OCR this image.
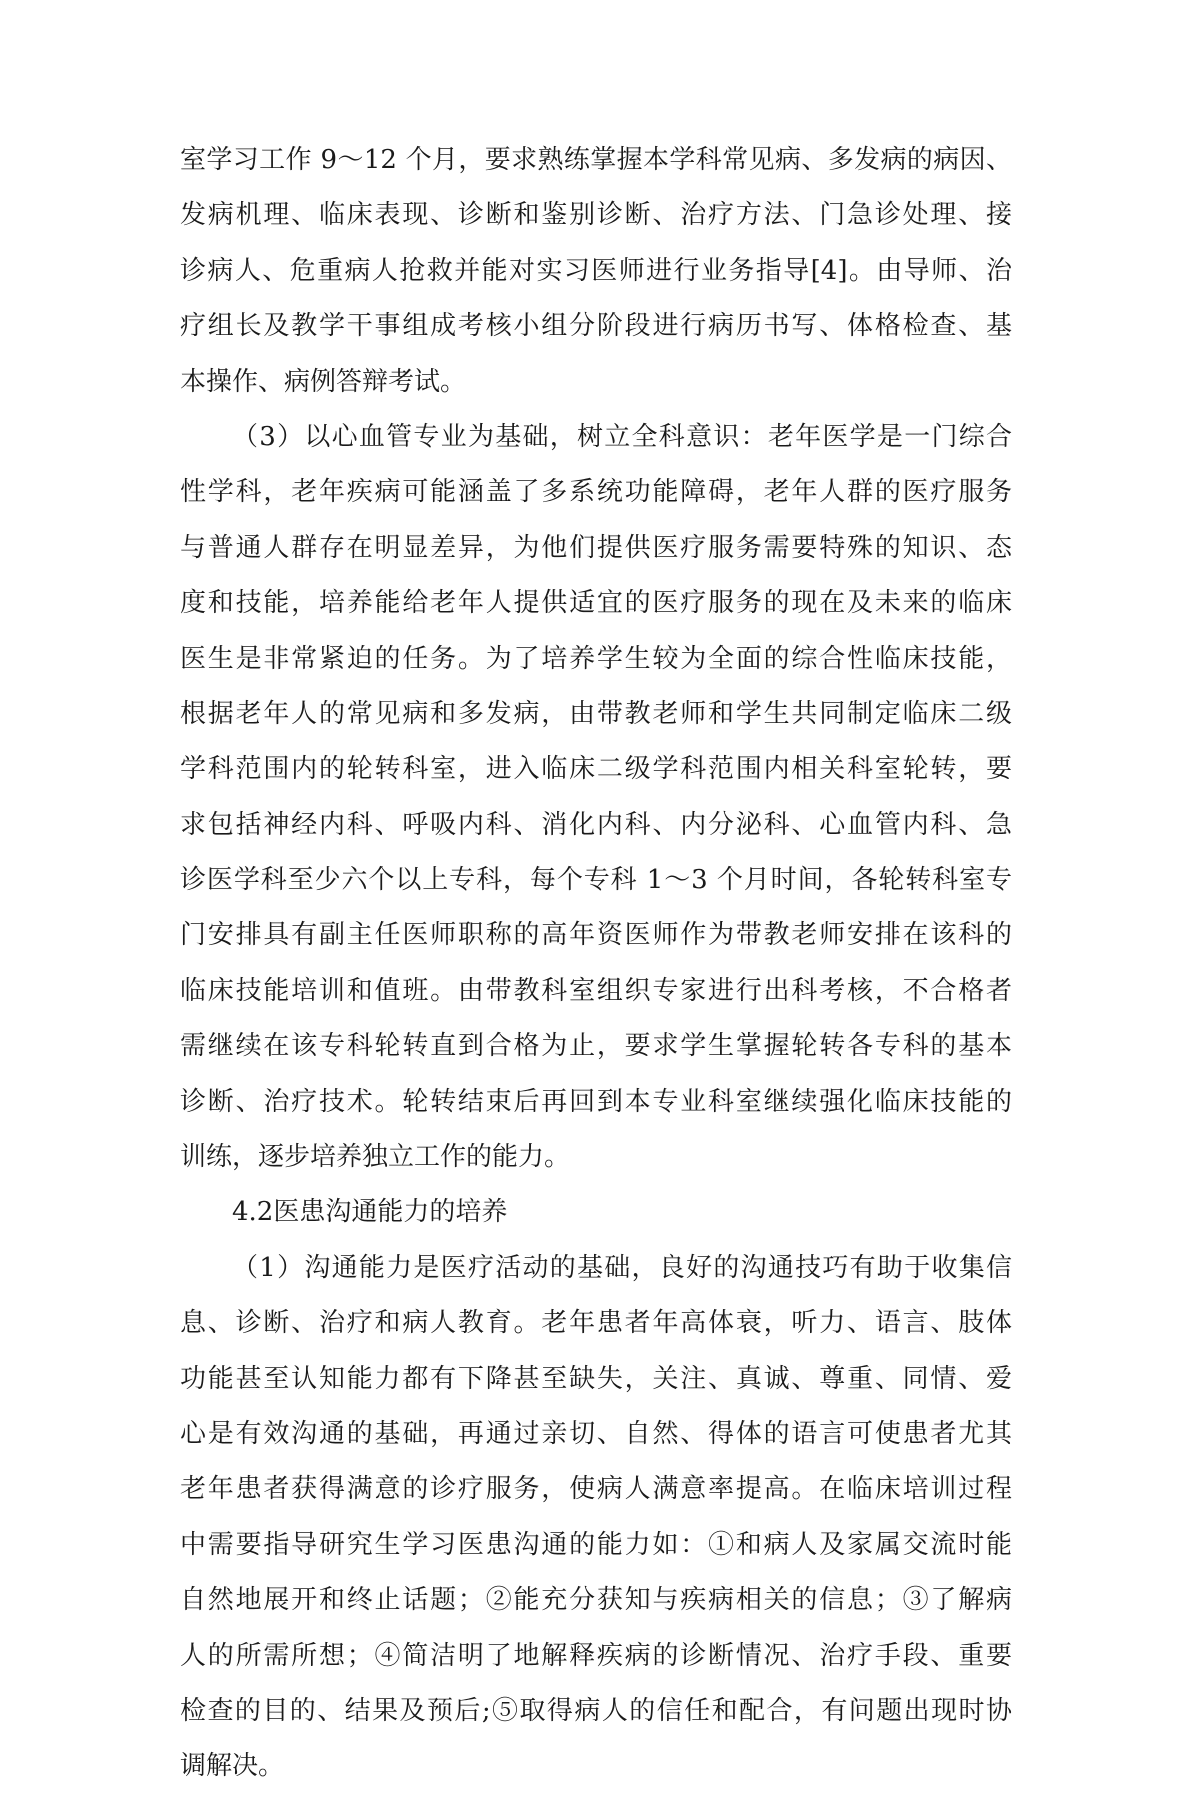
室学习工作 9～12 个月，要求熟练掌握本学科常见病、多发病的病因、
发病机理、临床表现、诊断和鉴别诊断、治疗方法、门急诊处理、接
诊病人、危重病人抢救并能对实习医师进行业务指导[4]。由导师、治
疗组长及教学干事组成考核小组分阶段进行病历书写、体格检查、基
本操作、病例答辩考试。
（3）以心血管专业为基础，树立全科意识：老年医学是一门综合
性学科，老年疾病可能涵盖了多系统功能障碍，老年人群的医疗服务
与普通人群存在明显差异，为他们提供医疗服务需要特殊的知识、态
度和技能，培养能给老年人提供适宜的医疗服务的现在及未来的临床
医生是非常紧迫的任务。为了培养学生较为全面的综合性临床技能，
根据老年人的常见病和多发病，由带教老师和学生共同制定临床二级
学科范围内的轮转科室，进入临床二级学科范围内相关科室轮转，要
求包括神经内科、呼吸内科、消化内科、内分泌科、心血管内科、急
诊医学科至少六个以上专科，每个专科 1～3 个月时间，各轮转科室专
门安排具有副主任医师职称的高年资医师作为带教老师安排在该科的
临床技能培训和值班。由带教科室组织专家进行出科考核，不合格者
需继续在该专科轮转直到合格为止，要求学生掌握轮转各专科的基本
诊断、治疗技术。轮转结束后再回到本专业科室继续强化临床技能的
训练，逐步培养独立工作的能力。
4.2医患沟通能力的培养
（1）沟通能力是医疗活动的基础，良好的沟通技巧有助于收集信
息、诊断、治疗和病人教育。老年患者年高体衰，听力、语言、肢体
功能甚至认知能力都有下降甚至缺失，关注、真诚、尊重、同情、爱
心是有效沟通的基础，再通过亲切、自然、得体的语言可使患者尤其
老年患者获得满意的诊疗服务，使病人满意率提高。在临床培训过程
中需要指导研究生学习医患沟通的能力如：①和病人及家属交流时能
自然地展开和终止话题；②能充分获知与疾病相关的信息；③了解病
人的所需所想；④简洁明了地解释疾病的诊断情况、治疗手段、重要
检查的目的、结果及预后;⑤取得病人的信任和配合，有问题出现时协
调解决。
